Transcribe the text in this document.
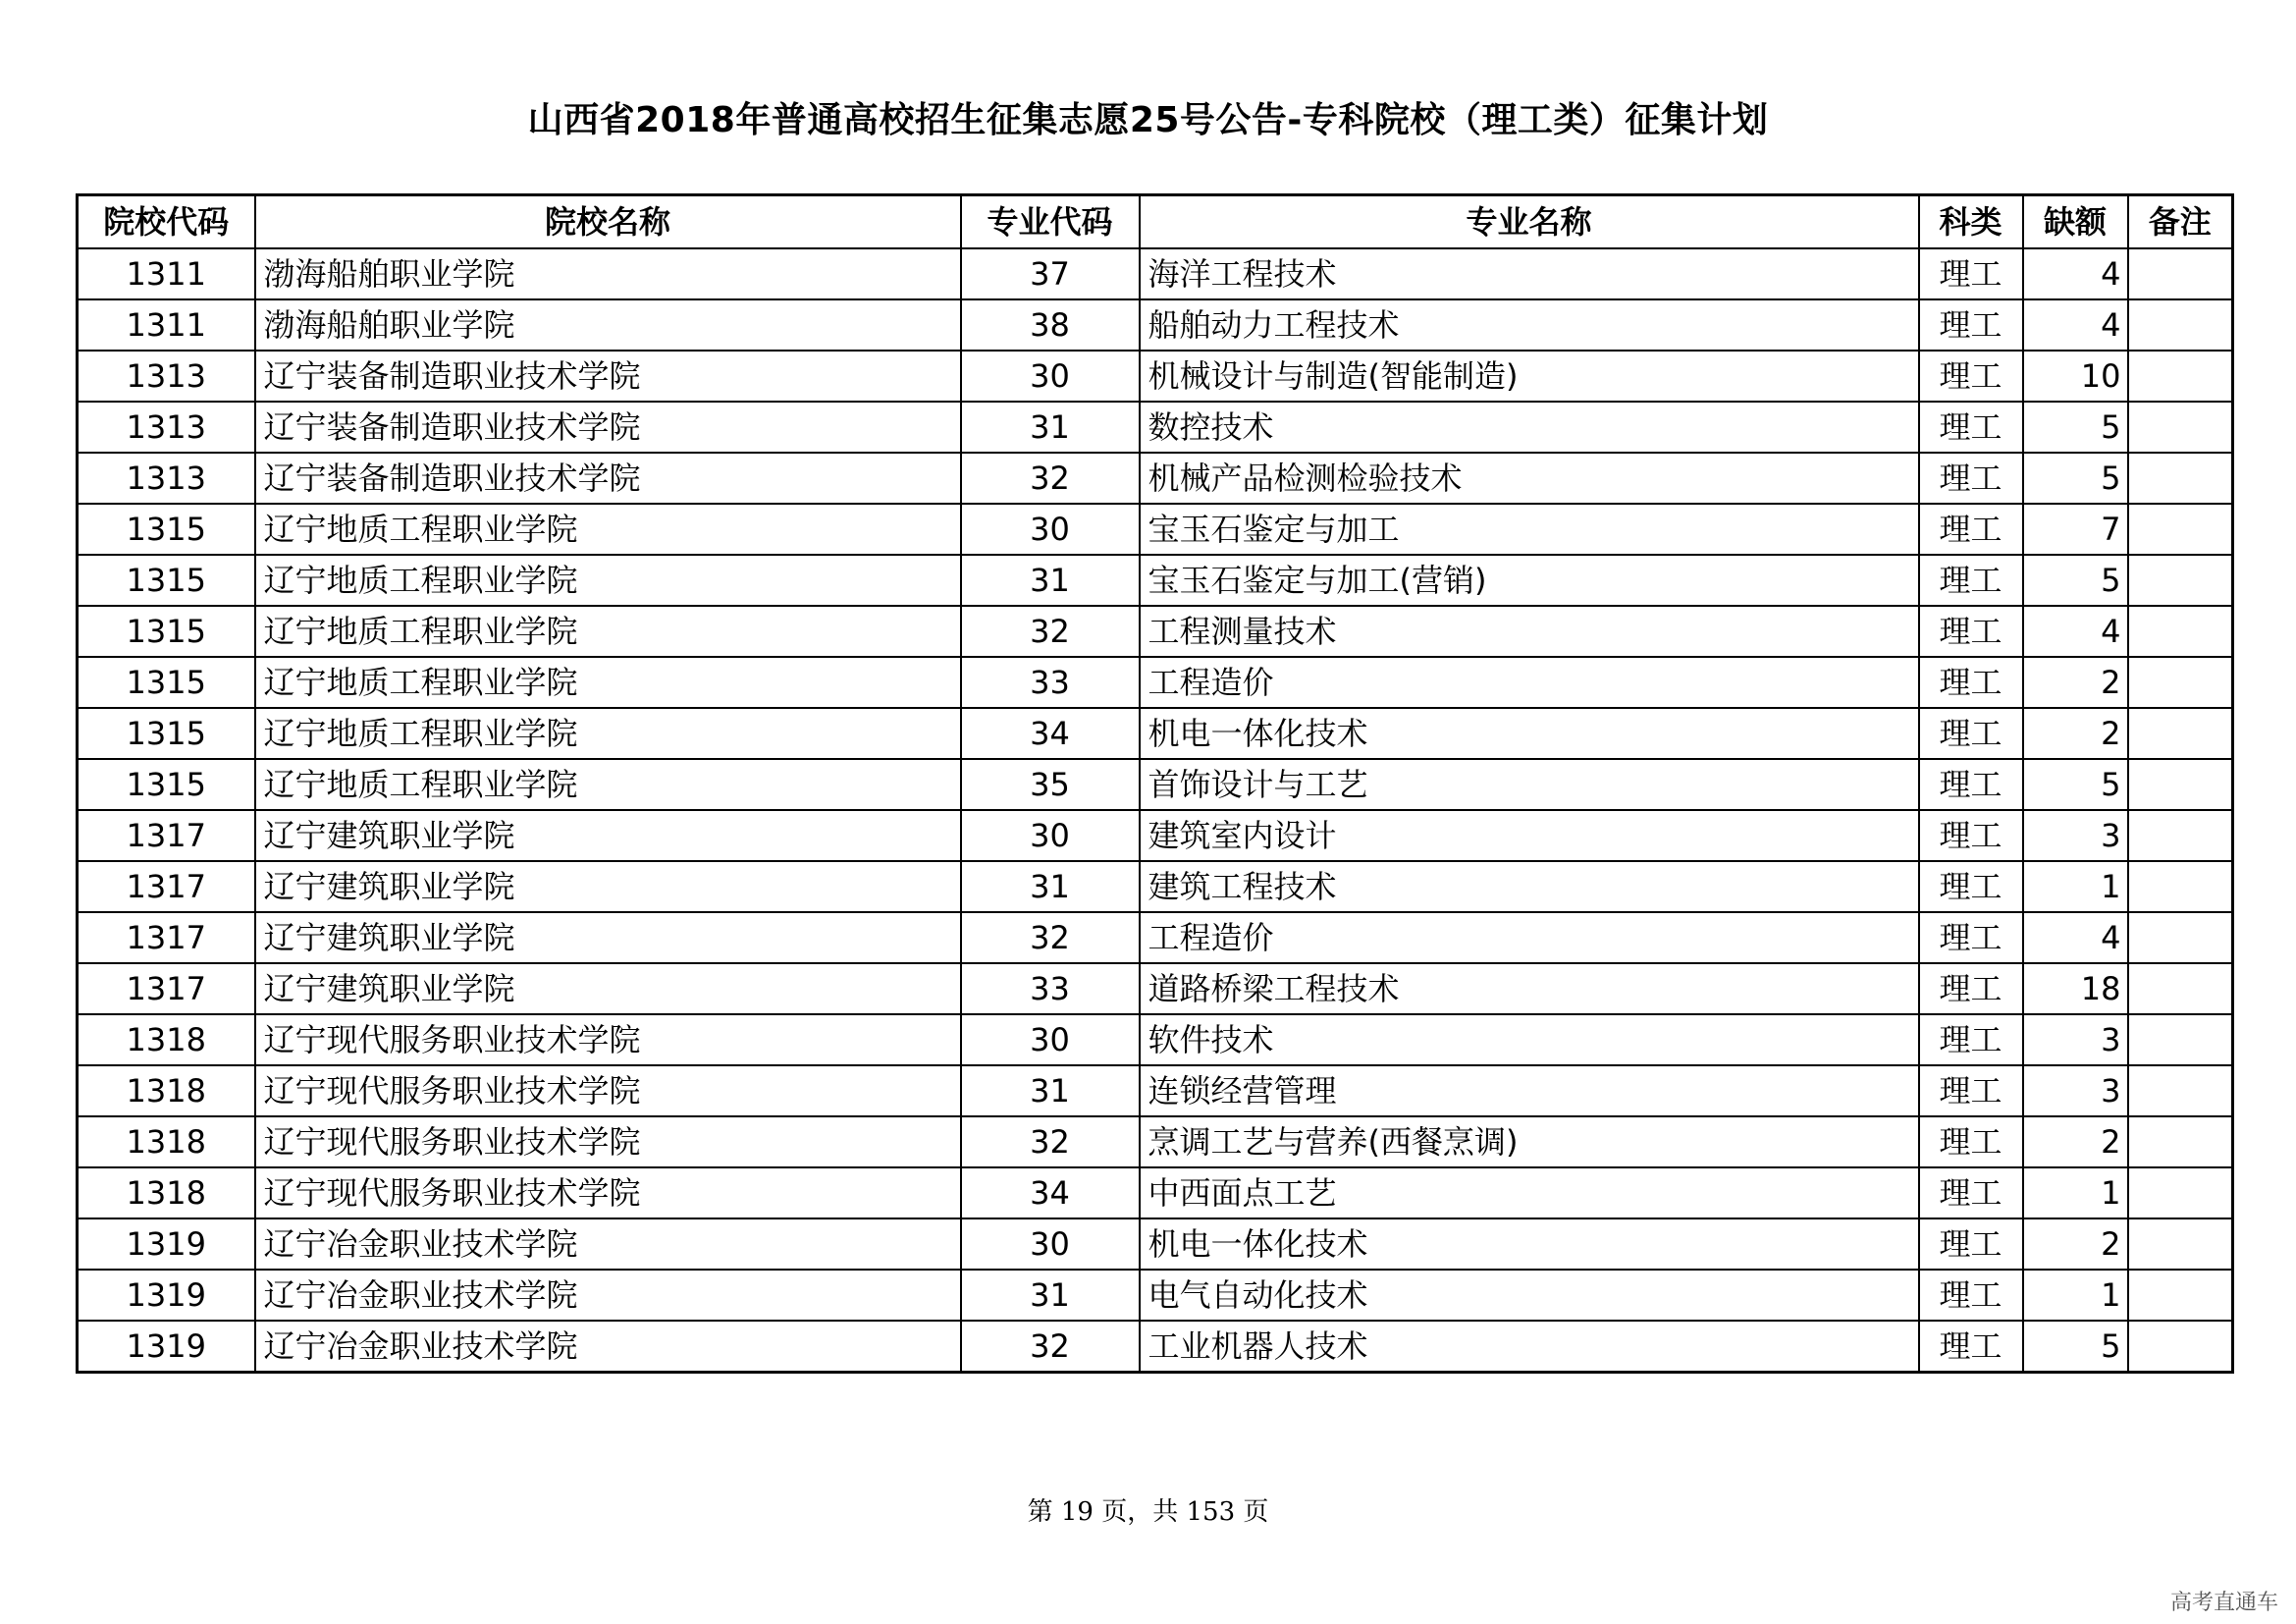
山西省2018年普通高校招生征集志愿25号公告-专科院校（理工类）征集计划
院校代码	院校名称	专业代码	专业名称	科类	缺额	备注
1311	渤海船舶职业学院	37	海洋工程技术	理工	4	
1311	渤海船舶职业学院	38	船舶动力工程技术	理工	4	
1313	辽宁装备制造职业技术学院	30	机械设计与制造(智能制造)	理工	10	
1313	辽宁装备制造职业技术学院	31	数控技术	理工	5	
1313	辽宁装备制造职业技术学院	32	机械产品检测检验技术	理工	5	
1315	辽宁地质工程职业学院	30	宝玉石鉴定与加工	理工	7	
1315	辽宁地质工程职业学院	31	宝玉石鉴定与加工(营销)	理工	5	
1315	辽宁地质工程职业学院	32	工程测量技术	理工	4	
1315	辽宁地质工程职业学院	33	工程造价	理工	2	
1315	辽宁地质工程职业学院	34	机电一体化技术	理工	2	
1315	辽宁地质工程职业学院	35	首饰设计与工艺	理工	5	
1317	辽宁建筑职业学院	30	建筑室内设计	理工	3	
1317	辽宁建筑职业学院	31	建筑工程技术	理工	1	
1317	辽宁建筑职业学院	32	工程造价	理工	4	
1317	辽宁建筑职业学院	33	道路桥梁工程技术	理工	18	
1318	辽宁现代服务职业技术学院	30	软件技术	理工	3	
1318	辽宁现代服务职业技术学院	31	连锁经营管理	理工	3	
1318	辽宁现代服务职业技术学院	32	烹调工艺与营养(西餐烹调)	理工	2	
1318	辽宁现代服务职业技术学院	34	中西面点工艺	理工	1	
1319	辽宁冶金职业技术学院	30	机电一体化技术	理工	2	
1319	辽宁冶金职业技术学院	31	电气自动化技术	理工	1	
1319	辽宁冶金职业技术学院	32	工业机器人技术	理工	5	
第 19 页，共 153 页
高考直通车
